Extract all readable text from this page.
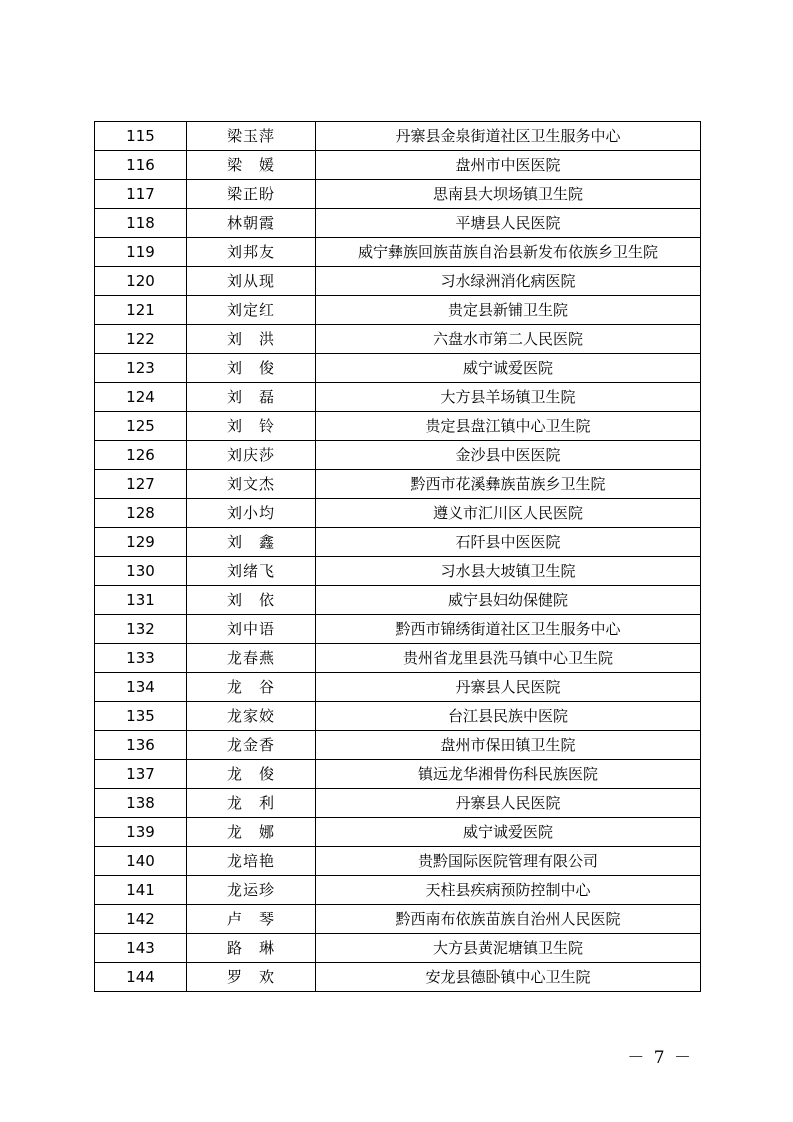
115	梁玉萍	丹寨县金泉街道社区卫生服务中心
116	梁　媛	盘州市中医医院
117	梁正盼	思南县大坝场镇卫生院
118	林朝霞	平塘县人民医院
119	刘邦友	威宁彝族回族苗族自治县新发布依族乡卫生院
120	刘从现	习水绿洲消化病医院
121	刘定红	贵定县新铺卫生院
122	刘　洪	六盘水市第二人民医院
123	刘　俊	威宁诚爱医院
124	刘　磊	大方县羊场镇卫生院
125	刘　铃	贵定县盘江镇中心卫生院
126	刘庆莎	金沙县中医医院
127	刘文杰	黔西市花溪彝族苗族乡卫生院
128	刘小均	遵义市汇川区人民医院
129	刘　鑫	石阡县中医医院
130	刘绪飞	习水县大坡镇卫生院
131	刘　依	威宁县妇幼保健院
132	刘中语	黔西市锦绣街道社区卫生服务中心
133	龙春燕	贵州省龙里县洗马镇中心卫生院
134	龙　谷	丹寨县人民医院
135	龙家姣	台江县民族中医院
136	龙金香	盘州市保田镇卫生院
137	龙　俊	镇远龙华湘骨伤科民族医院
138	龙　利	丹寨县人民医院
139	龙　娜	威宁诚爱医院
140	龙培艳	贵黔国际医院管理有限公司
141	龙运珍	天柱县疾病预防控制中心
142	卢　琴	黔西南布依族苗族自治州人民医院
143	路　琳	大方县黄泥塘镇卫生院
144	罗　欢	安龙县德卧镇中心卫生院
－ 7 －
